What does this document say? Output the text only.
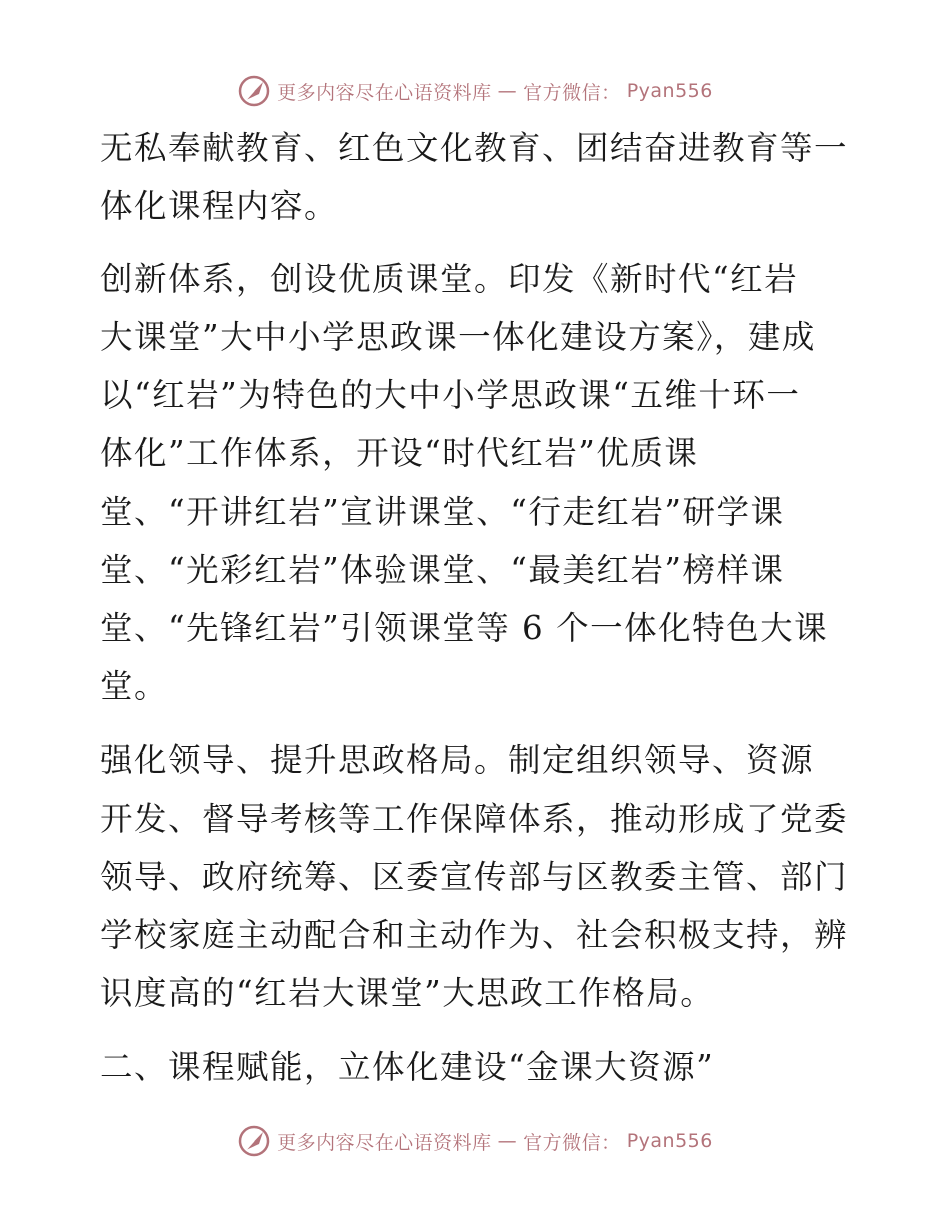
更多内容尽在心语资料库 — 官方微信： Pyan556
无私奉献教育、红色文化教育、团结奋进教育等一
体化课程内容。
创新体系，创设优质课堂。印发《新时代“红岩
大课堂”大中小学思政课一体化建设方案》，建成
以“红岩”为特色的大中小学思政课“五维十环一
体化”工作体系，开设“时代红岩”优质课
堂、“开讲红岩”宣讲课堂、“行走红岩”研学课
堂、“光彩红岩”体验课堂、“最美红岩”榜样课
堂、“先锋红岩”引领课堂等 6 个一体化特色大课
堂。
强化领导、提升思政格局。制定组织领导、资源
开发、督导考核等工作保障体系，推动形成了党委
领导、政府统筹、区委宣传部与区教委主管、部门
学校家庭主动配合和主动作为、社会积极支持，辨
识度高的“红岩大课堂”大思政工作格局。
二、课程赋能，立体化建设“金课大资源”
更多内容尽在心语资料库 — 官方微信： Pyan556
